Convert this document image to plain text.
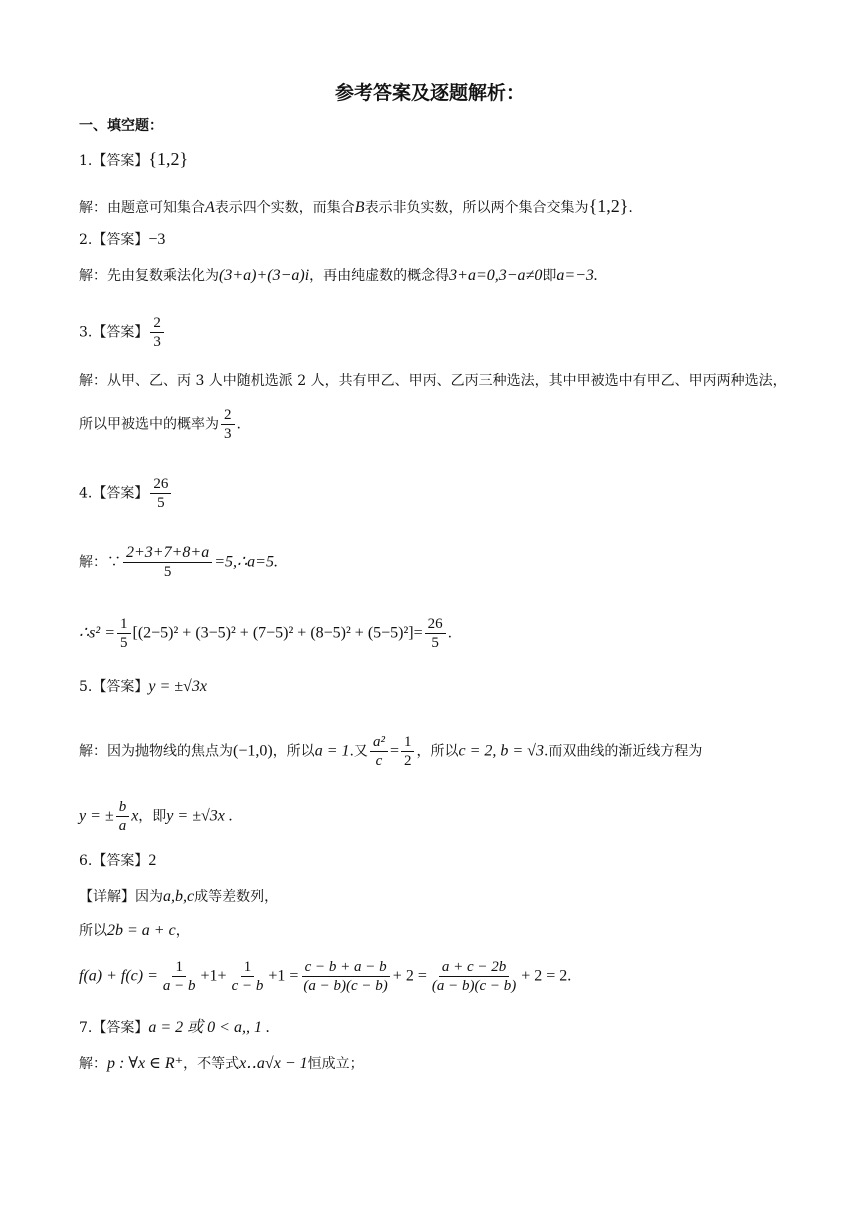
参考答案及逐题解析：
一、填空题：
1.【答案】{1,2}
解：由题意可知集合A表示四个实数，而集合B表示非负实数，所以两个集合交集为{1,2}.
2.【答案】−3
解：先由复数乘法化为(3+a)+(3−a)i，再由纯虚数的概念得3+a=0,3−a≠0即a=−3.
3.【答案】 $\frac{2}{3}$
解：从甲、乙、丙 3 人中随机选派 2 人，共有甲乙、甲丙、乙丙三种选法，其中甲被选中有甲乙、甲丙两种选法，
所以甲被选中的概率为 $\frac{2}{3}$ .
4.【答案】 $\frac{26}{5}$
解：∵ $\frac{2+3+7+8+a}{5}$ =5,∴a=5.
∴s² = $\frac{1}{5} [(2-5)^2 + (3-5)^2 + (7-5)^2 + (8-5)^2 + (5-5)^2]= \frac{26}{5}$ .
5.【答案】y = ±√3x
解：因为抛物线的焦点为(−1,0)，所以a = 1.又 $\frac{\text{a²}}{c} = \frac{1}{2}$ ，所以c = 2, b = √3.而双曲线的渐近线方程为
y = ± $\frac{b}{a}$ x，即y = ±√3x .
6.【答案】2
【详解】因为a,b,c成等差数列，
所以2b = a + c，
$f(a) + f(c) = \frac{1}{a - b} +1+ \frac{1}{c - b} +1 = \frac{c - b + a - b}{(a - b)(c - b)} + 2 = \frac{a + c - 2b}{(a - b)(c - b)} + 2 = 2$.
7.【答案】a = 2 或 0 < a,, 1 .
解：p : ∀x ∈ R⁺，不等式x‥a√x − 1恒成立；
